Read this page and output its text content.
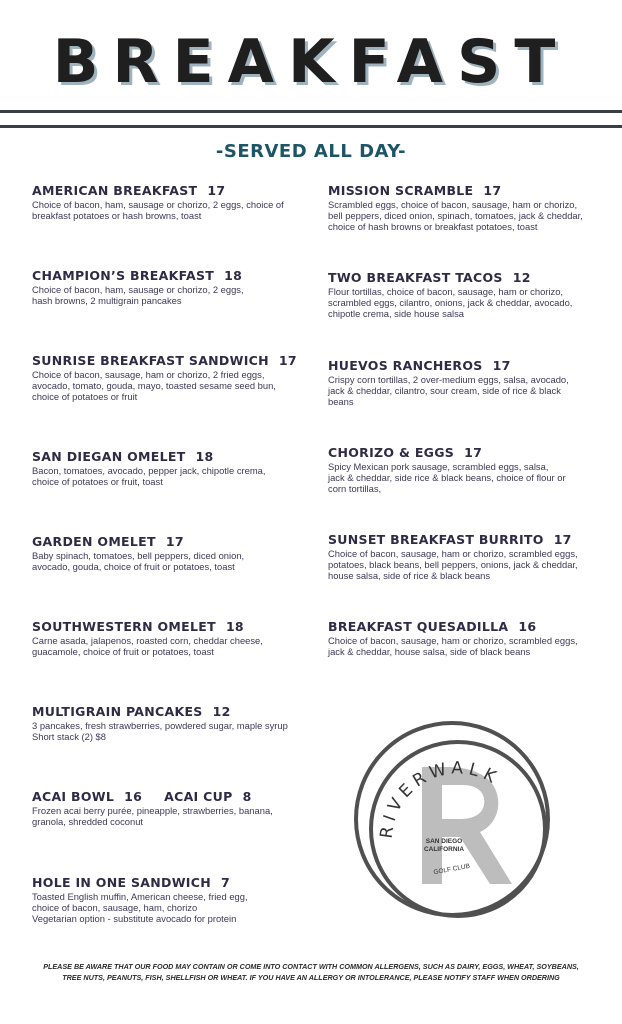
BREAKFAST
-SERVED ALL DAY-
AMERICAN BREAKFAST 17
Choice of bacon, ham, sausage or chorizo, 2 eggs, choice of
breakfast potatoes or hash browns, toast
CHAMPION’S BREAKFAST 18
Choice of bacon, ham, sausage or chorizo, 2 eggs,
hash browns, 2 multigrain pancakes
SUNRISE BREAKFAST SANDWICH 17
Choice of bacon, sausage, ham or chorizo, 2 fried eggs,
avocado, tomato, gouda, mayo, toasted sesame seed bun,
choice of potatoes or fruit
SAN DIEGAN OMELET 18
Bacon, tomatoes, avocado, pepper jack, chipotle crema,
choice of potatoes or fruit, toast
GARDEN OMELET 17
Baby spinach, tomatoes, bell peppers, diced onion,
avocado, gouda, choice of fruit or potatoes, toast
SOUTHWESTERN OMELET 18
Carne asada, jalapenos, roasted corn, cheddar cheese,
guacamole, choice of fruit or potatoes, toast
MULTIGRAIN PANCAKES 12
3 pancakes, fresh strawberries, powdered sugar, maple syrup
Short stack (2) $8
ACAI BOWL 16 ACAI CUP 8
Frozen acai berry purée, pineapple, strawberries, banana,
granola, shredded coconut
HOLE IN ONE SANDWICH 7
Toasted English muffin, American cheese, fried egg,
choice of bacon, sausage, ham, chorizo
Vegetarian option - substitute avocado for protein
MISSION SCRAMBLE 17
Scrambled eggs, choice of bacon, sausage, ham or chorizo,
bell peppers, diced onion, spinach, tomatoes, jack & cheddar,
choice of hash browns or breakfast potatoes, toast
TWO BREAKFAST TACOS 12
Flour tortillas, choice of bacon, sausage, ham or chorizo,
scrambled eggs, cilantro, onions, jack & cheddar, avocado,
chipotle crema, side house salsa
HUEVOS RANCHEROS 17
Crispy corn tortillas, 2 over-medium eggs, salsa, avocado,
jack & cheddar, cilantro, sour cream, side of rice & black
beans
CHORIZO & EGGS 17
Spicy Mexican pork sausage, scrambled eggs, salsa,
jack & cheddar, side rice & black beans, choice of flour or
corn tortillas,
SUNSET BREAKFAST BURRITO 17
Choice of bacon, sausage, ham or chorizo, scrambled eggs,
potatoes, black beans, bell peppers, onions, jack & cheddar,
house salsa, side of rice & black beans
BREAKFAST QUESADILLA 16
Choice of bacon, sausage, ham or chorizo, scrambled eggs,
jack & cheddar, house salsa, side of black beans
RIVERWALK
SAN DIEGO
CALIFORNIA
GOLF CLUB
PLEASE BE AWARE THAT OUR FOOD MAY CONTAIN OR COME INTO CONTACT WITH COMMON ALLERGENS, SUCH AS DAIRY, EGGS, WHEAT, SOYBEANS,
TREE NUTS, PEANUTS, FISH, SHELLFISH OR WHEAT. IF YOU HAVE AN ALLERGY OR INTOLERANCE, PLEASE NOTIFY STAFF WHEN ORDERING
